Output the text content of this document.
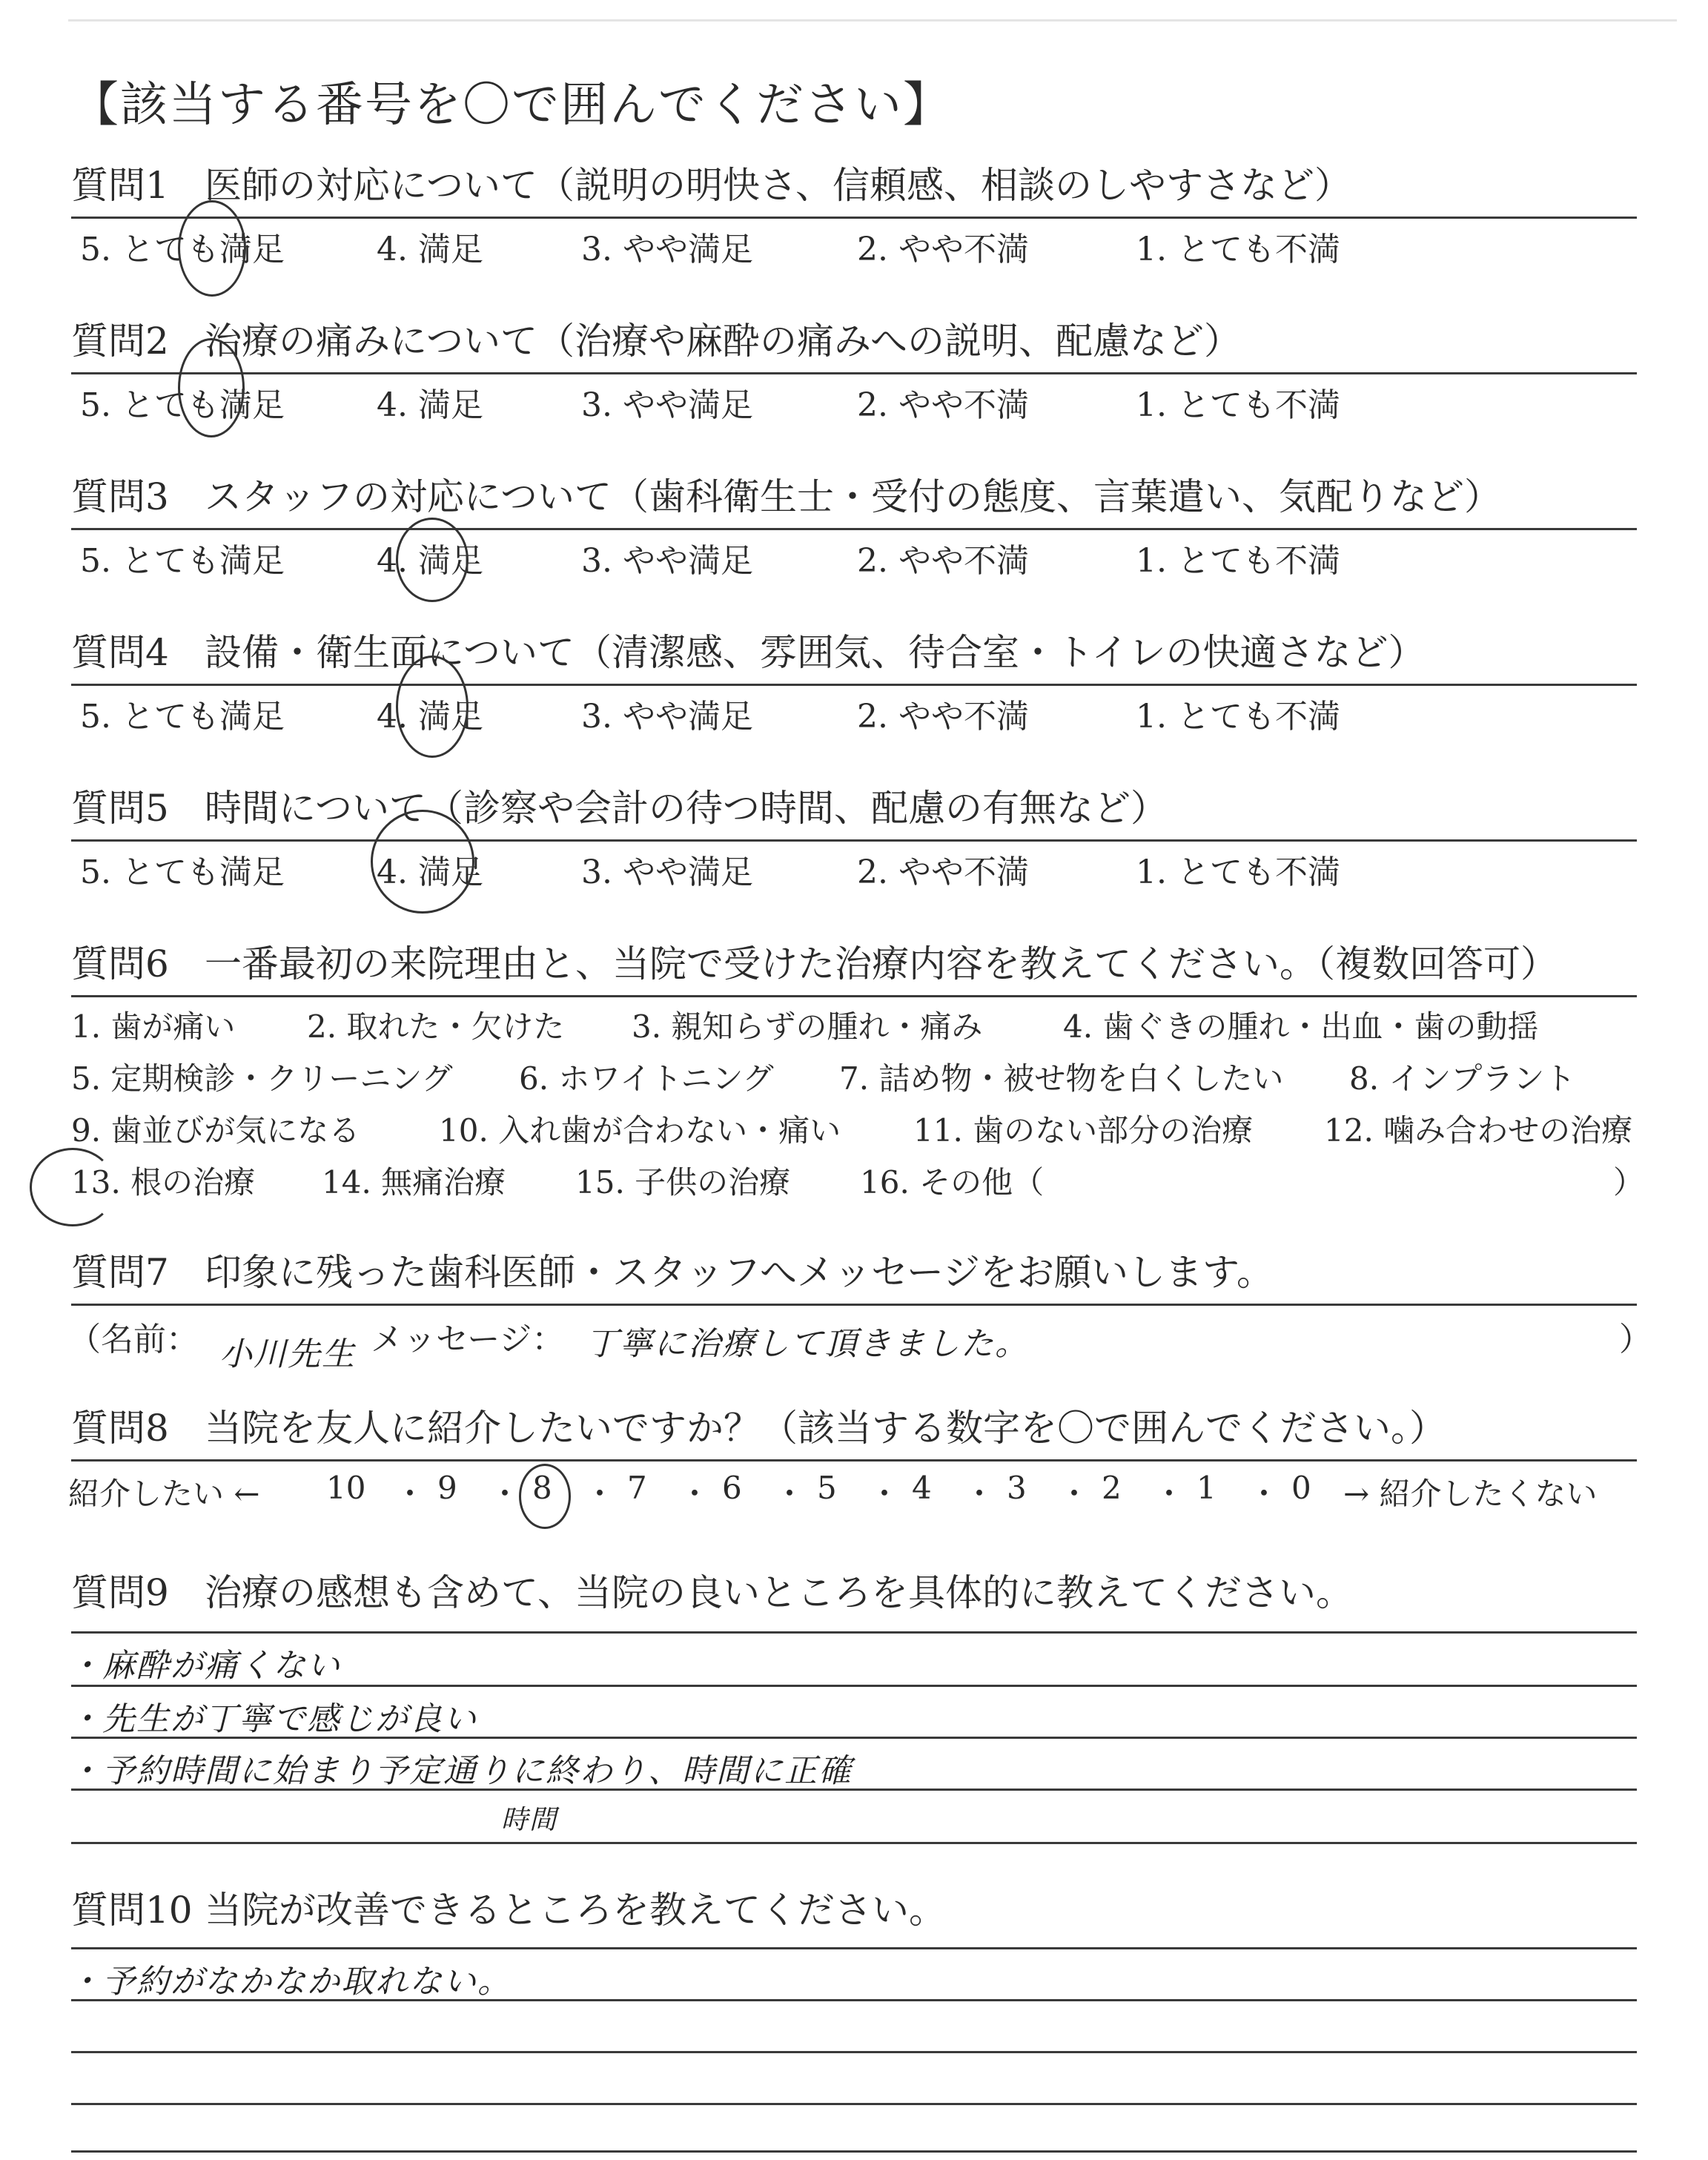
【該当する番号を〇で囲んでください】
質問1 医師の対応について（説明の明快さ、信頼感、相談のしやすさなど）
5. とても満足	4. 満足	3. やや満足	2. やや不満	1. とても不満
質問2 治療の痛みについて（治療や麻酔の痛みへの説明、配慮など）
5. とても満足	4. 満足	3. やや満足	2. やや不満	1. とても不満
質問3 スタッフの対応について（歯科衛生士・受付の態度、言葉遣い、気配りなど）
5. とても満足	4. 満足	3. やや満足	2. やや不満	1. とても不満
質問4 設備・衛生面について（清潔感、雰囲気、待合室・トイレの快適さなど）
5. とても満足	4. 満足	3. やや満足	2. やや不満	1. とても不満
質問5 時間について（診察や会計の待つ時間、配慮の有無など）
5. とても満足	4. 満足	3. やや満足	2. やや不満	1. とても不満
質問6 一番最初の来院理由と、当院で受けた治療内容を教えてください。（複数回答可）
1. 歯が痛い 2. 取れた・欠けた 3. 親知らずの腫れ・痛み	4. 歯ぐきの腫れ・出血・歯の動揺
5. 定期検診・クリーニング 6. ホワイトニング 7. 詰め物・被せ物を白くしたい 8. インプラント
9. 歯並びが気になる	10. 入れ歯が合わない・痛い 11. 歯のない部分の治療 12. 噛み合わせの治療
13. 根の治療 14. 無痛治療 15. 子供の治療 16. その他（	）
質問7 印象に残った歯科医師・スタッフへメッセージをお願いします。
（名前： 小川先生 メッセージ： 丁寧に治療して頂きました。	）
質問8 当院を友人に紹介したいですか？（該当する数字を〇で囲んでください。）
紹介したい ← 10 ・ 9 ・ 8 ・ 7 ・ 6 ・ 5 ・ 4 ・ 3 ・ 2 ・ 1 ・ 0 → 紹介したくない
質問9 治療の感想も含めて、当院の良いところを具体的に教えてください。
・麻酔が痛くない
・先生が丁寧で感じが良い
・予約時間に始まり予定通りに終わり、時間に正確
時間
質問10 当院が改善できるところを教えてください。
・予約がなかなか取れない。
